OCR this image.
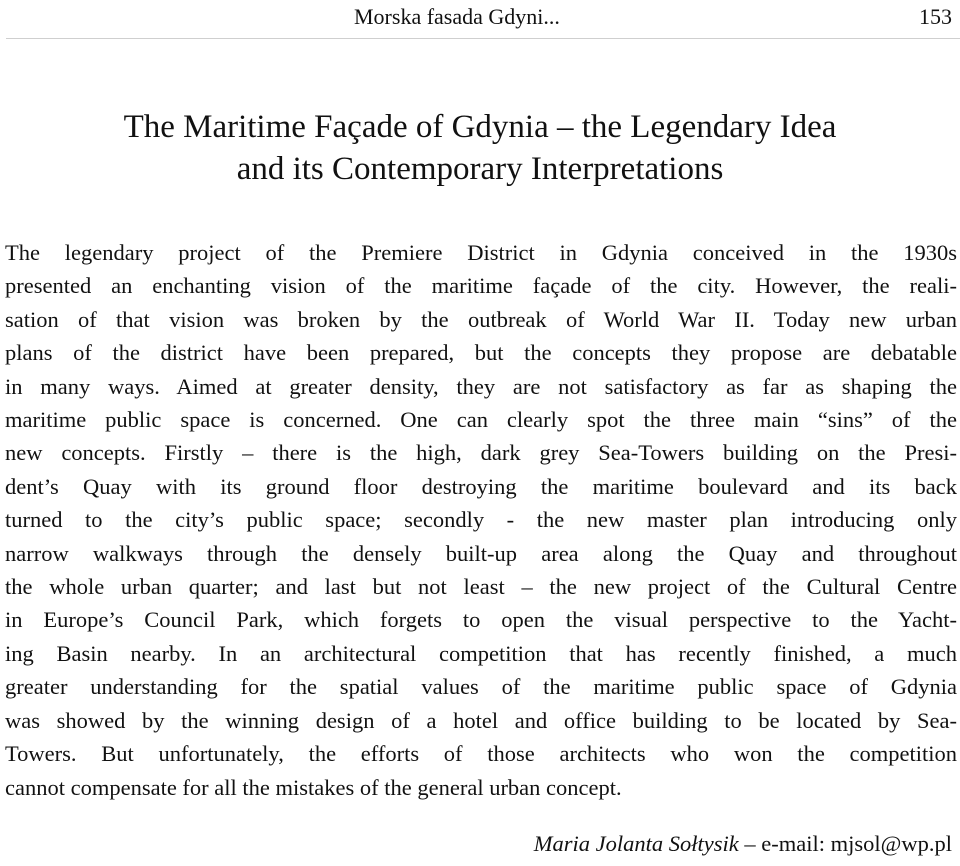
Morska fasada Gdyni...	153
The Maritime Façade of Gdynia – the Legendary Idea
and its Contemporary Interpretations

The legendary project of the Premiere District in Gdynia conceived in the 1930s
presented an enchanting vision of the maritime façade of the city. However, the reali-
sation of that vision was broken by the outbreak of World War II. Today new urban
plans of the district have been prepared, but the concepts they propose are debatable
in many ways. Aimed at greater density, they are not satisfactory as far as shaping the
maritime public space is concerned. One can clearly spot the three main “sins” of the
new concepts. Firstly – there is the high, dark grey Sea-Towers building on the Presi-
dent’s Quay with its ground floor destroying the maritime boulevard and its back
turned to the city’s public space; secondly - the new master plan introducing only
narrow walkways through the densely built-up area along the Quay and throughout
the whole urban quarter; and last but not least – the new project of the Cultural Centre
in Europe’s Council Park, which forgets to open the visual perspective to the Yacht-
ing Basin nearby. In an architectural competition that has recently finished, a much
greater understanding for the spatial values of the maritime public space of Gdynia
was showed by the winning design of a hotel and office building to be located by Sea-
Towers. But unfortunately, the efforts of those architects who won the competition
cannot compensate for all the mistakes of the general urban concept.

Maria Jolanta Sołtysik – e-mail: mjsol@wp.pl
